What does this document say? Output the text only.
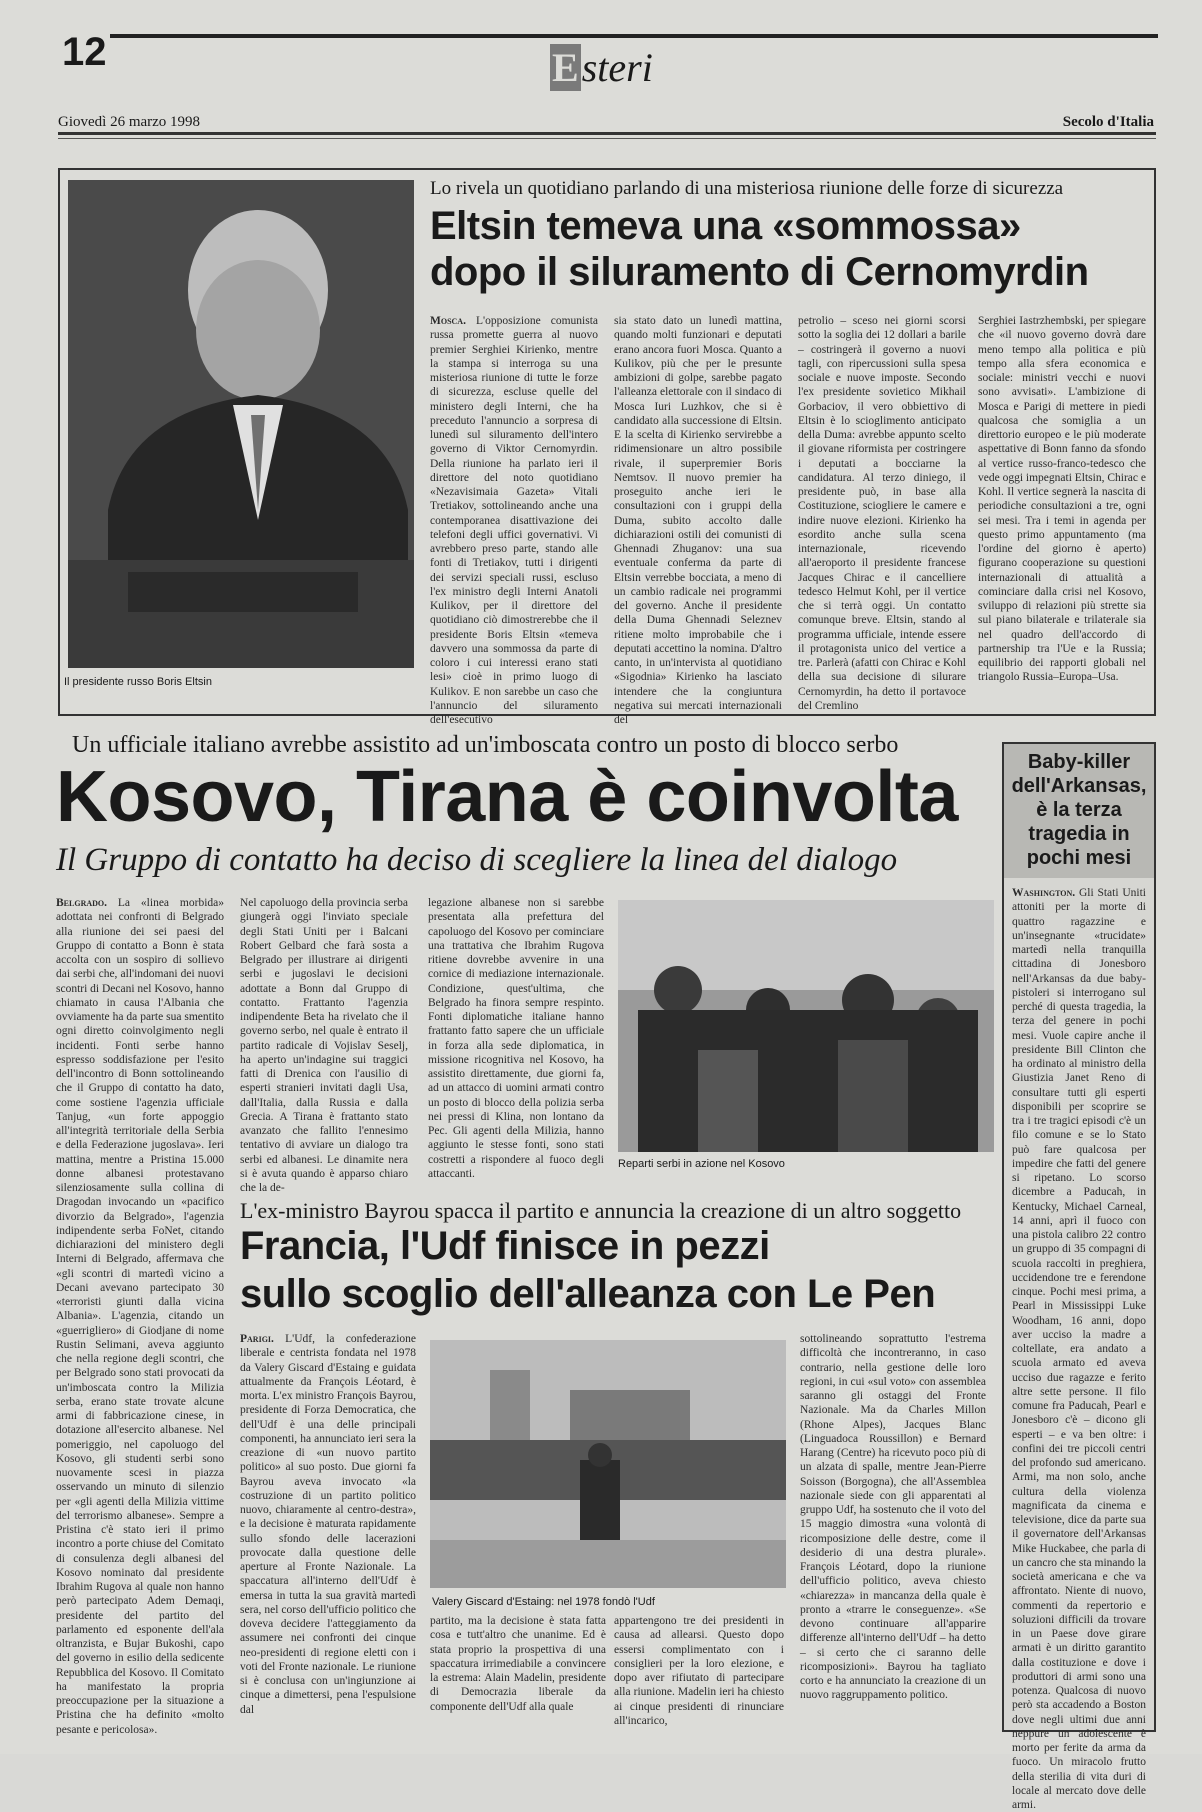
12	Esteri
Giovedì 26 marzo 1998	Secolo d'Italia
Il presidente russo Boris Eltsin
Lo rivela un quotidiano parlando di una misteriosa riunione delle forze di sicurezza
Eltsin temeva una «sommossa»
dopo il siluramento di Cernomyrdin
Mosca. L'opposizione comunista russa promette guerra al nuovo premier Serghiei Kirienko, mentre la stampa si interroga su una misteriosa riunione di tutte le forze di sicurezza, escluse quelle del ministero degli Interni, che ha preceduto l'annuncio a sorpresa di lunedì sul siluramento dell'intero governo di Viktor Cernomyrdin. Della riunione ha parlato ieri il direttore del noto quotidiano «Nezavisimaia Gazeta» Vitali Tretiakov, sottolineando anche una contemporanea disattivazione dei telefoni degli uffici governativi. Vi avrebbero preso parte, stando alle fonti di Tretiakov, tutti i dirigenti dei servizi speciali russi, escluso l'ex ministro degli Interni Anatoli Kulikov, per il direttore del quotidiano ciò dimostrerebbe che il presidente Boris Eltsin «temeva davvero una sommossa da parte di coloro i cui interessi erano stati lesi» cioè in primo luogo di Kulikov. E non sarebbe un caso che l'annuncio del siluramento dell'esecutivo
sia stato dato un lunedì mattina, quando molti funzionari e deputati erano ancora fuori Mosca. Quanto a Kulikov, più che per le presunte ambizioni di golpe, sarebbe pagato l'alleanza elettorale con il sindaco di Mosca Iuri Luzhkov, che si è candidato alla successione di Eltsin. E la scelta di Kirienko servirebbe a ridimensionare un altro possibile rivale, il superpremier Boris Nemtsov. Il nuovo premier ha proseguito anche ieri le consultazioni con i gruppi della Duma, subito accolto dalle dichiarazioni ostili dei comunisti di Ghennadi Zhuganov: una sua eventuale conferma da parte di Eltsin verrebbe bocciata, a meno di un cambio radicale nei programmi del governo. Anche il presidente della Duma Ghennadi Seleznev ritiene molto improbabile che i deputati accettino la nomina. D'altro canto, in un'intervista al quotidiano «Sigodnia» Kirienko ha lasciato intendere che la congiuntura negativa sui mercati internazionali del
petrolio – sceso nei giorni scorsi sotto la soglia dei 12 dollari a barile – costringerà il governo a nuovi tagli, con ripercussioni sulla spesa sociale e nuove imposte. Secondo l'ex presidente sovietico Mikhail Gorbaciov, il vero obbiettivo di Eltsin è lo scioglimento anticipato della Duma: avrebbe appunto scelto il giovane riformista per costringere i deputati a bocciarne la candidatura. Al terzo diniego, il presidente può, in base alla Costituzione, sciogliere le camere e indire nuove elezioni. Kirienko ha esordito anche sulla scena internazionale, ricevendo all'aeroporto il presidente francese Jacques Chirac e il cancelliere tedesco Helmut Kohl, per il vertice che si terrà oggi. Un contatto comunque breve. Eltsin, stando al programma ufficiale, intende essere il protagonista unico del vertice a tre. Parlerà (afatti con Chirac e Kohl della sua decisione di silurare Cernomyrdin, ha detto il portavoce del Cremlino
Serghiei Iastrzhembski, per spiegare che «il nuovo governo dovrà dare meno tempo alla politica e più tempo alla sfera economica e sociale: ministri vecchi e nuovi sono avvisati». L'ambizione di Mosca e Parigi di mettere in piedi qualcosa che somiglia a un direttorio europeo e le più moderate aspettative di Bonn fanno da sfondo al vertice russo-franco-tedesco che vede oggi impegnati Eltsin, Chirac e Kohl. Il vertice segnerà la nascita di periodiche consultazioni a tre, ogni sei mesi. Tra i temi in agenda per questo primo appuntamento (ma l'ordine del giorno è aperto) figurano cooperazione su questioni internazionali di attualità a cominciare dalla crisi nel Kosovo, sviluppo di relazioni più strette sia sul piano bilaterale e trilaterale sia nel quadro dell'accordo di partnership tra l'Ue e la Russia; equilibrio dei rapporti globali nel triangolo Russia–Europa–Usa.
Un ufficiale italiano avrebbe assistito ad un'imboscata contro un posto di blocco serbo
Kosovo, Tirana è coinvolta
Il Gruppo di contatto ha deciso di scegliere la linea del dialogo
Belgrado. La «linea morbida» adottata nei confronti di Belgrado alla riunione dei sei paesi del Gruppo di contatto a Bonn è stata accolta con un sospiro di sollievo dai serbi che, all'indomani dei nuovi scontri di Decani nel Kosovo, hanno chiamato in causa l'Albania che ovviamente ha da parte sua smentito ogni diretto coinvolgimento negli incidenti. Fonti serbe hanno espresso soddisfazione per l'esito dell'incontro di Bonn sottolineando che il Gruppo di contatto ha dato, come sostiene l'agenzia ufficiale Tanjug, «un forte appoggio all'integrità territoriale della Serbia e della Federazione jugoslava». Ieri mattina, mentre a Pristina 15.000 donne albanesi protestavano silenziosamente sulla collina di Dragodan invocando un «pacifico divorzio da Belgrado», l'agenzia indipendente serba FoNet, citando dichiarazioni del ministero degli Interni di Belgrado, affermava che «gli scontri di martedì vicino a Decani avevano partecipato 30 «terroristi giunti dalla vicina Albania». L'agenzia, citando un «guerrigliero» di Giodjane di nome Rustin Selimani, aveva aggiunto che nella regione degli scontri, che per Belgrado sono stati provocati da un'imboscata contro la Milizia serba, erano state trovate alcune armi di fabbricazione cinese, in dotazione all'esercito albanese. Nel pomeriggio, nel capoluogo del Kosovo, gli studenti serbi sono nuovamente scesi in piazza osservando un minuto di silenzio per «gli agenti della Milizia vittime del terrorismo albanese». Sempre a Pristina c'è stato ieri il primo incontro a porte chiuse del Comitato di consulenza degli albanesi del Kosovo nominato dal presidente Ibrahim Rugova al quale non hanno però partecipato Adem Demaqi, presidente del partito del parlamento ed esponente dell'ala oltranzista, e Bujar Bukoshi, capo del governo in esilio della sedicente Repubblica del Kosovo. Il Comitato ha manifestato la propria preoccupazione per la situazione a Pristina che ha definito «molto pesante e pericolosa».
Nel capoluogo della provincia serba giungerà oggi l'inviato speciale degli Stati Uniti per i Balcani Robert Gelbard che farà sosta a Belgrado per illustrare ai dirigenti serbi e jugoslavi le decisioni adottate a Bonn dal Gruppo di contatto. Frattanto l'agenzia indipendente Beta ha rivelato che il governo serbo, nel quale è entrato il partito radicale di Vojislav Seselj, ha aperto un'indagine sui traggici fatti di Drenica con l'ausilio di esperti stranieri invitati dagli Usa, dall'Italia, dalla Russia e dalla Grecia. A Tirana è frattanto stato avanzato che fallito l'ennesimo tentativo di avviare un dialogo tra serbi ed albanesi. Le dinamite nera si è avuta quando è apparso chiaro che la de-
legazione albanese non si sarebbe presentata alla prefettura del capoluogo del Kosovo per cominciare una trattativa che Ibrahim Rugova ritiene dovrebbe avvenire in una cornice di mediazione internazionale. Condizione, quest'ultima, che Belgrado ha finora sempre respinto. Fonti diplomatiche italiane hanno frattanto fatto sapere che un ufficiale in forza alla sede diplomatica, in missione ricognitiva nel Kosovo, ha assistito direttamente, due giorni fa, ad un attacco di uomini armati contro un posto di blocco della polizia serba nei pressi di Klina, non lontano da Pec. Gli agenti della Milizia, hanno aggiunto le stesse fonti, sono stati costretti a rispondere al fuoco degli attaccanti.
Reparti serbi in azione nel Kosovo
L'ex-ministro Bayrou spacca il partito e annuncia la creazione di un altro soggetto
Francia, l'Udf finisce in pezzi
sullo scoglio dell'alleanza con Le Pen
Parigi. L'Udf, la confederazione liberale e centrista fondata nel 1978 da Valery Giscard d'Estaing e guidata attualmente da François Léotard, è morta. L'ex ministro François Bayrou, presidente di Forza Democratica, che dell'Udf è una delle principali componenti, ha annunciato ieri sera la creazione di «un nuovo partito politico» al suo posto. Due giorni fa Bayrou aveva invocato «la costruzione di un partito politico nuovo, chiaramente al centro-destra», e la decisione è maturata rapidamente sullo sfondo delle lacerazioni provocate dalla questione delle aperture al Fronte Nazionale. La spaccatura all'interno dell'Udf è emersa in tutta la sua gravità martedì sera, nel corso dell'ufficio politico che doveva decidere l'atteggiamento da assumere nei confronti dei cinque neo-presidenti di regione eletti con i voti del Fronte nazionale. Le riunione si è conclusa con un'ingiunzione ai cinque a dimettersi, pena l'espulsione dal
Valery Giscard d'Estaing: nel 1978 fondò l'Udf
partito, ma la decisione è stata fatta cosa e tutt'altro che unanime. Ed è stata proprio la prospettiva di una spaccatura irrimediabile a convincere la estrema: Alain Madelin, presidente di Democrazia liberale da componente dell'Udf alla quale
appartengono tre dei presidenti in causa ad allearsi. Questo dopo essersi complimentato con i consiglieri per la loro elezione, e dopo aver rifiutato di partecipare alla riunione. Madelin ieri ha chiesto ai cinque presidenti di rinunciare all'incarico,
sottolineando soprattutto l'estrema difficoltà che incontreranno, in caso contrario, nella gestione delle loro regioni, in cui «sul voto» con assemblea saranno gli ostaggi del Fronte Nazionale. Ma da Charles Millon (Rhone Alpes), Jacques Blanc (Linguadoca Roussillon) e Bernard Harang (Centre) ha ricevuto poco più di un alzata di spalle, mentre Jean-Pierre Soisson (Borgogna), che all'Assemblea nazionale siede con gli apparentati al gruppo Udf, ha sostenuto che il voto del 15 maggio dimostra «una volontà di ricomposizione delle destre, come il desiderio di una destra plurale». François Léotard, dopo la riunione dell'ufficio politico, aveva chiesto «chiarezza» in mancanza della quale è pronto a «trarre le conseguenze». «Se devono continuare all'apparire differenze all'interno dell'Udf – ha detto – si certo che ci saranno delle ricomposizioni». Bayrou ha tagliato corto e ha annunciato la creazione di un nuovo raggruppamento politico.
Baby-killer dell'Arkansas, è la terza tragedia in pochi mesi
Washington. Gli Stati Uniti attoniti per la morte di quattro ragazzine e un'insegnante «trucidate» martedì nella tranquilla cittadina di Jonesboro nell'Arkansas da due baby-pistoleri si interrogano sul perché di questa tragedia, la terza del genere in pochi mesi. Vuole capire anche il presidente Bill Clinton che ha ordinato al ministro della Giustizia Janet Reno di consultare tutti gli esperti disponibili per scoprire se tra i tre tragici episodi c'è un filo comune e se lo Stato può fare qualcosa per impedire che fatti del genere si ripetano. Lo scorso dicembre a Paducah, in Kentucky, Michael Carneal, 14 anni, aprì il fuoco con una pistola calibro 22 contro un gruppo di 35 compagni di scuola raccolti in preghiera, uccidendone tre e ferendone cinque. Pochi mesi prima, a Pearl in Mississippi Luke Woodham, 16 anni, dopo aver ucciso la madre a coltellate, era andato a scuola armato ed aveva ucciso due ragazze e ferito altre sette persone. Il filo comune fra Paducah, Pearl e Jonesboro c'è – dicono gli esperti – e va ben oltre: i confini dei tre piccoli centri del profondo sud americano. Armi, ma non solo, anche cultura della violenza magnificata da cinema e televisione, dice da parte sua il governatore dell'Arkansas Mike Huckabee, che parla di un cancro che sta minando la società americana e che va affrontato. Niente di nuovo, commenti da repertorio e soluzioni difficili da trovare in un Paese dove girare armati è un diritto garantito dalla costituzione e dove i produttori di armi sono una potenza. Qualcosa di nuovo però sta accadendo a Boston dove negli ultimi due anni neppure un adolescente è morto per ferite da arma da fuoco. Un miracolo frutto della sterilia di vita duri di locale al mercato dove delle armi.
